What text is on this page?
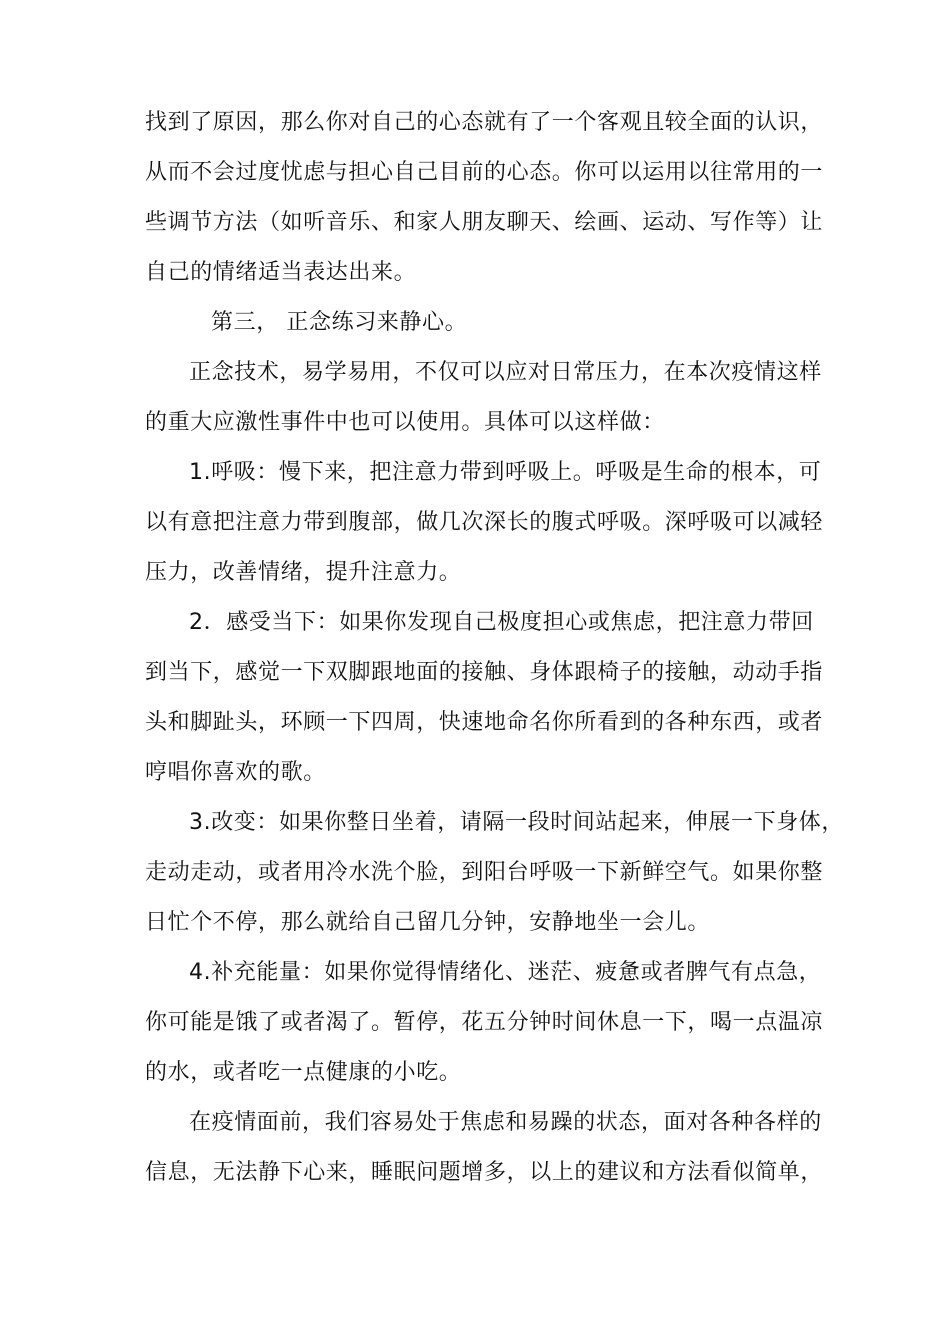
找到了原因，那么你对自己的心态就有了一个客观且较全面的认识，
从而不会过度忧虑与担心自己目前的心态。你可以运用以往常用的一
些调节方法（如听音乐、和家人朋友聊天、绘画、运动、写作等）让
自己的情绪适当表达出来。

第三， 正念练习来静心。

正念技术，易学易用，不仅可以应对日常压力，在本次疫情这样
的重大应激性事件中也可以使用。具体可以这样做：

1.呼吸：慢下来，把注意力带到呼吸上。呼吸是生命的根本，可
以有意把注意力带到腹部，做几次深长的腹式呼吸。深呼吸可以减轻
压力，改善情绪，提升注意力。

2．感受当下：如果你发现自己极度担心或焦虑，把注意力带回
到当下，感觉一下双脚跟地面的接触、身体跟椅子的接触，动动手指
头和脚趾头，环顾一下四周，快速地命名你所看到的各种东西，或者
哼唱你喜欢的歌。

3.改变：如果你整日坐着，请隔一段时间站起来，伸展一下身体，
走动走动，或者用冷水洗个脸，到阳台呼吸一下新鲜空气。如果你整
日忙个不停，那么就给自己留几分钟，安静地坐一会儿。

4.补充能量：如果你觉得情绪化、迷茫、疲惫或者脾气有点急，
你可能是饿了或者渴了。暂停，花五分钟时间休息一下，喝一点温凉
的水，或者吃一点健康的小吃。

在疫情面前，我们容易处于焦虑和易躁的状态，面对各种各样的
信息，无法静下心来，睡眠问题增多，以上的建议和方法看似简单，
